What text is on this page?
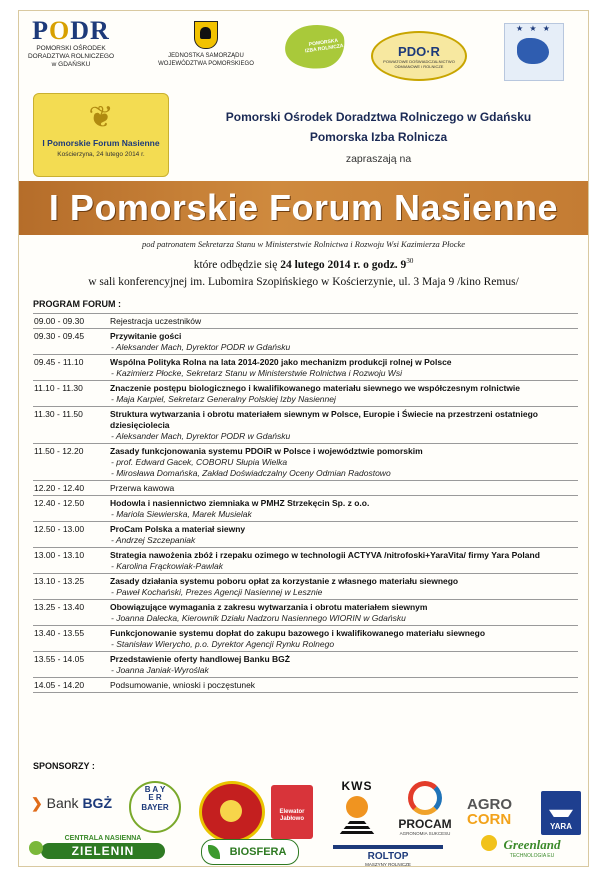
PODR
POMORSKI OŚRODEK
DORADZTWA ROLNICZEGO
w GDAŃSKU
JEDNOSTKA SAMORZĄDU
WOJEWÓDZTWA POMORSKIEGO
POMORSKA IZBA ROLNICZA	PDO·R
POWIATOWE DOŚWIADCZALNICTWO ODMIANOWE i ROLNICZE
★ ★ ★
❦
I Pomorskie Forum Nasienne
Kościerzyna, 24 lutego 2014 r.
Pomorski Ośrodek Doradztwa Rolniczego w Gdańsku
Pomorska Izba Rolnicza
zapraszają na
I Pomorskie Forum Nasienne
pod patronatem Sekretarza Stanu w Ministerstwie Rolnictwa i Rozwoju Wsi Kazimierza Płocke
które odbędzie się 24 lutego 2014 r. o godz. $9^{30}$
w sali konferencyjnej im. Lubomira Szopińskiego w Kościerzynie, ul. 3 Maja 9 /kino Remus/
PROGRAM FORUM :
09.00 - 09.30	Rejestracja uczestników
09.30 - 09.45	Przywitanie gości
- Aleksander Mach, Dyrektor PODR w Gdańsku
09.45 - 11.10	Wspólna Polityka Rolna na lata 2014-2020 jako mechanizm produkcji rolnej w Polsce
- Kazimierz Płocke, Sekretarz Stanu w Ministerstwie Rolnictwa i Rozwoju Wsi
11.10 - 11.30	Znaczenie postępu biologicznego i kwalifikowanego materiału siewnego we współczesnym rolnictwie
- Maja Karpiel, Sekretarz Generalny Polskiej Izby Nasiennej
11.30 - 11.50	Struktura wytwarzania i obrotu materiałem siewnym w Polsce, Europie i Świecie na przestrzeni ostatniego dziesięciolecia
- Aleksander Mach, Dyrektor PODR w Gdańsku
11.50 - 12.20	Zasady funkcjonowania systemu PDOiR w Polsce i województwie pomorskim
- prof. Edward Gacek, COBORU Słupia Wielka
- Mirosława Domańska, Zakład Doświadczalny Oceny Odmian Radostowo
12.20 - 12.40	Przerwa kawowa
12.40 - 12.50	Hodowla i nasiennictwo ziemniaka w PMHZ Strzekęcin Sp. z o.o.
- Mariola Siewierska, Marek Musielak
12.50 - 13.00	ProCam Polska a materiał siewny
- Andrzej Szczepaniak
13.00 - 13.10	Strategia nawożenia zbóż i rzepaku ozimego w technologii ACTYVA /nitrofoski+YaraVita/ firmy Yara Poland
- Karolina Frąckowiak-Pawlak
13.10 - 13.25	Zasady działania systemu poboru opłat za korzystanie z własnego materiału siewnego
- Paweł Kochański, Prezes Agencji Nasiennej w Lesznie
13.25 - 13.40	Obowiązujące wymagania z zakresu wytwarzania i obrotu materiałem siewnym
- Joanna Dalecka, Kierownik Działu Nadzoru Nasiennego WIORIN w Gdańsku
13.40 - 13.55	Funkcjonowanie systemu dopłat do zakupu bazowego i kwalifikowanego materiału siewnego
- Stanisław Wierycho, p.o. Dyrektor Agencji Rynku Rolnego
13.55 - 14.05	Przedstawienie oferty handlowej Banku BGŻ
- Joanna Janiak-Wyroślak
14.05 - 14.20	Podsumowanie, wnioski i poczęstunek
SPONSORZY :
❯ Bank BGŻ
B A Y E R
BAYER	Elewator Jabłowo
KWS
PROCAM
AGRONOMIA SUKCESU
AGRO
CORN	YARA
CENTRALA NASIENNA
ZIELENIN	BIOSFERA	ROLTOP
MASZYNY ROLNICZE
Greenland
TECHNOLOGIA EU
